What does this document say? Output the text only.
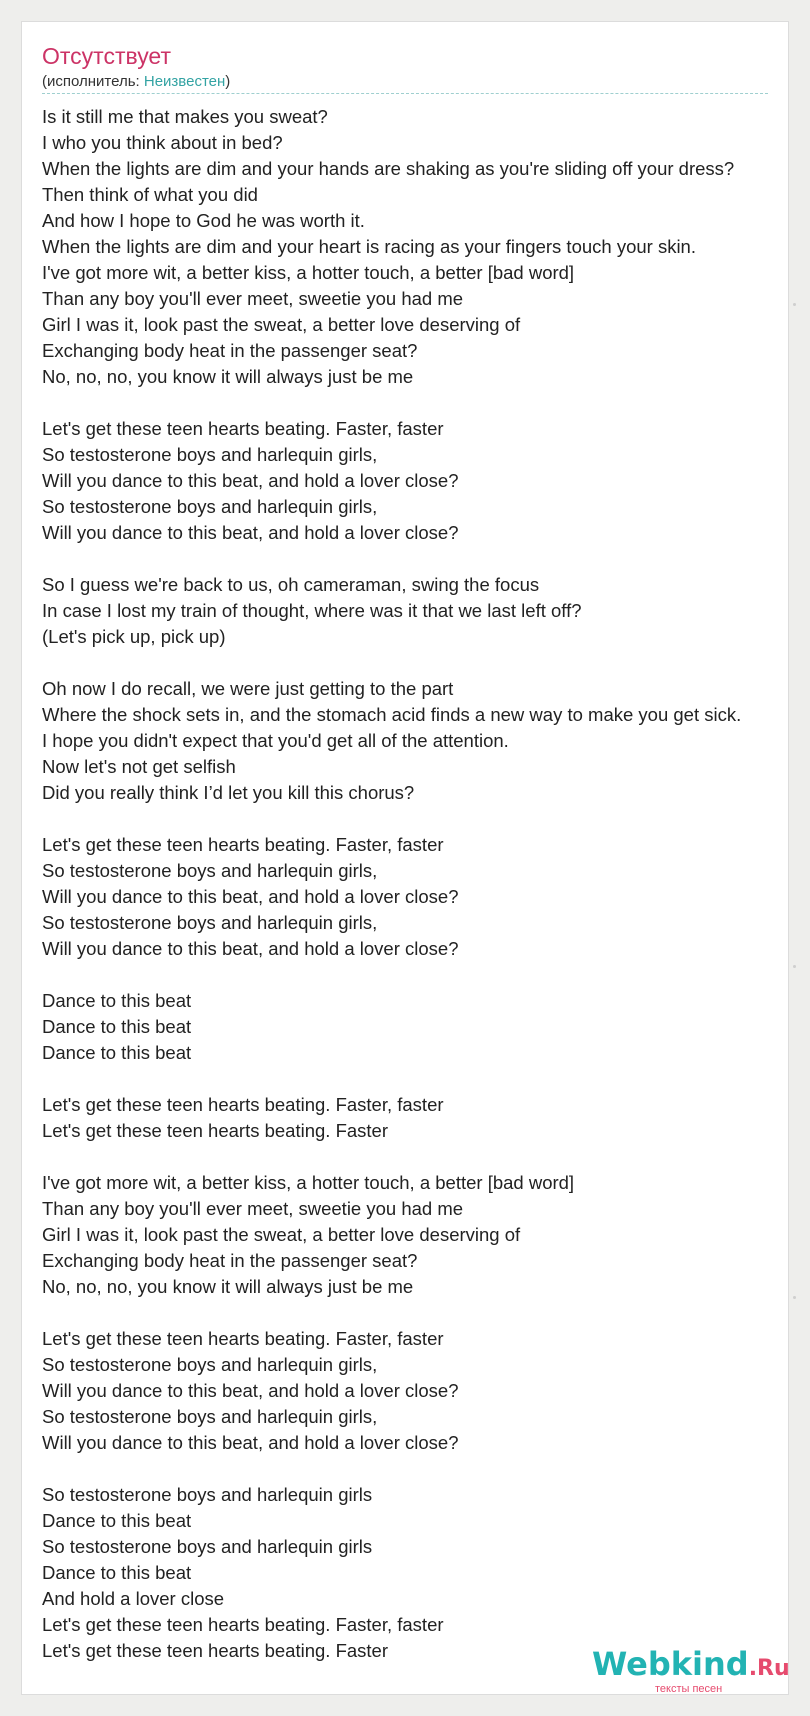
Отсутствует
(исполнитель: Неизвестен)
Is it still me that makes you sweat?
I who you think about in bed?
When the lights are dim and your hands are shaking as you're sliding off your dress?
Then think of what you did
And how I hope to God he was worth it.
When the lights are dim and your heart is racing as your fingers touch your skin.
I've got more wit, a better kiss, a hotter touch, a better [bad word]
Than any boy you'll ever meet, sweetie you had me
Girl I was it, look past the sweat, a better love deserving of
Exchanging body heat in the passenger seat?
No, no, no, you know it will always just be me
Let's get these teen hearts beating. Faster, faster
So testosterone boys and harlequin girls,
Will you dance to this beat, and hold a lover close?
So testosterone boys and harlequin girls,
Will you dance to this beat, and hold a lover close?
So I guess we're back to us, oh cameraman, swing the focus
In case I lost my train of thought, where was it that we last left off?
(Let's pick up, pick up)
Oh now I do recall, we were just getting to the part
Where the shock sets in, and the stomach acid finds a new way to make you get sick.
I hope you didn't expect that you'd get all of the attention.
Now let's not get selfish
Did you really think I’d let you kill this chorus?
Let's get these teen hearts beating. Faster, faster
So testosterone boys and harlequin girls,
Will you dance to this beat, and hold a lover close?
So testosterone boys and harlequin girls,
Will you dance to this beat, and hold a lover close?
Dance to this beat
Dance to this beat
Dance to this beat
Let's get these teen hearts beating. Faster, faster
Let's get these teen hearts beating. Faster
I've got more wit, a better kiss, a hotter touch, a better [bad word]
Than any boy you'll ever meet, sweetie you had me
Girl I was it, look past the sweat, a better love deserving of
Exchanging body heat in the passenger seat?
No, no, no, you know it will always just be me
Let's get these teen hearts beating. Faster, faster
So testosterone boys and harlequin girls,
Will you dance to this beat, and hold a lover close?
So testosterone boys and harlequin girls,
Will you dance to this beat, and hold a lover close?
So testosterone boys and harlequin girls
Dance to this beat
So testosterone boys and harlequin girls
Dance to this beat
And hold a lover close
Let's get these teen hearts beating. Faster, faster
Let's get these teen hearts beating. Faster	Webkind.Ru
тексты песен
